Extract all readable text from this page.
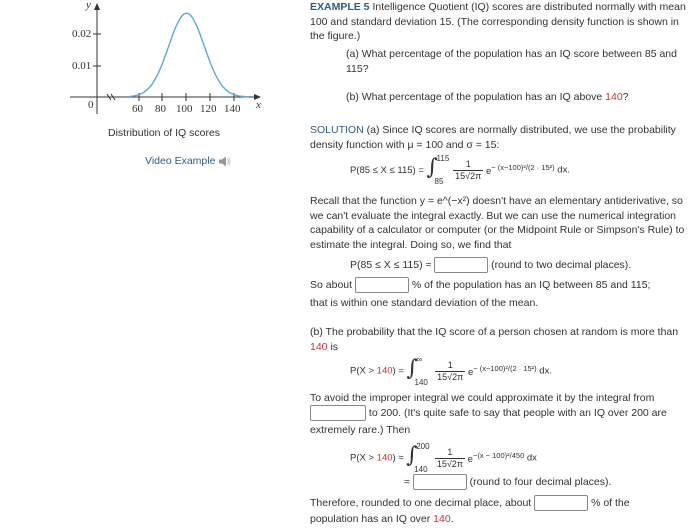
y
x
0.02
0.01
0	60 80 100 120 140
Distribution of IQ scores
Video Example
EXAMPLE 5 Intelligence Quotient (IQ) scores are distributed normally with mean 100 and standard deviation 15. (The corresponding density function is shown in the figure.)
(a) What percentage of the population has an IQ score between 85 and 115?
(b) What percentage of the population has an IQ above 140?
SOLUTION (a) Since IQ scores are normally distributed, we use the probability density function with μ = 100 and σ = 15:
P(85 ≤ X ≤ 115) = ∫
115
85
$\frac{1}{15√2\pi} e^{- (x-100)^2/(2 \cdot 15^2)}$ dx.
Recall that the function y = e^(−x²) doesn't have an elementary antiderivative, so we can't evaluate the integral exactly. But we can use the numerical integration capability of a calculator or computer (or the Midpoint Rule or Simpson's Rule) to estimate the integral. Doing so, we find that
P(85 ≤ X ≤ 115) ≈	(round to two decimal places).
So about	% of the population has an IQ between 85 and 115;
that is within one standard deviation of the mean.
(b) The probability that the IQ score of a person chosen at random is more than 140 is
P(X > 140) = ∫
∞
140
$\frac{1}{15√2\pi} e^{- (x-100)^2/(2 \cdot 15^2)}$ dx.
To avoid the improper integral we could approximate it by the integral from
to 200. (It's quite safe to say that people with an IQ over 200 are
extremely rare.) Then
P(X > 140) ≈ ∫
200
140
$\frac{1}{15√2\pi} e^{-(x - 100)^2/450}$ dx
≈	(round to four decimal places).
Therefore, rounded to one decimal place, about	% of the
population has an IQ over 140.
